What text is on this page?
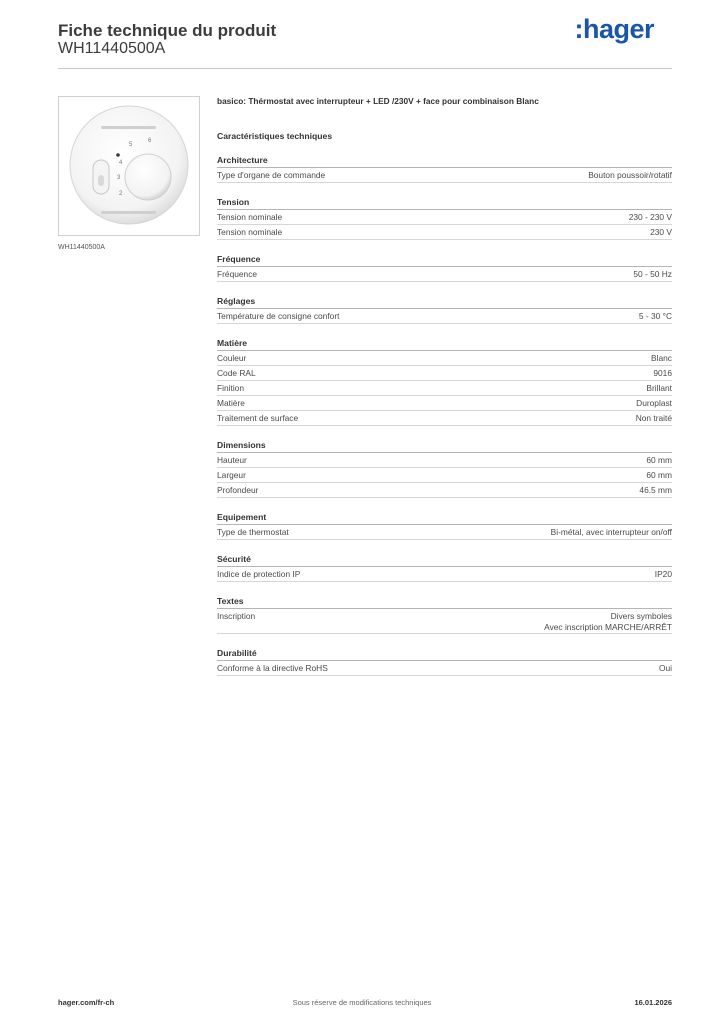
Fiche technique du produit
WH11440500A
:hager
6
5
4
3
2
WH11440500A
basico: Thérmostat avec interrupteur + LED /230V + face pour combinaison Blanc
Caractéristiques techniques
Architecture
Type d'organe de commande	Bouton poussoir/rotatif
Tension
Tension nominale	230 - 230 V
Tension nominale	230 V
Fréquence
Fréquence	50 - 50 Hz
Réglages
Température de consigne confort	5 - 30 °C
Matière
Couleur	Blanc
Code RAL	9016
Finition	Brillant
Matière	Duroplast
Traitement de surface	Non traité
Dimensions
Hauteur	60 mm
Largeur	60 mm
Profondeur	46.5 mm
Equipement
Type de thermostat	Bi-métal, avec interrupteur on/off
Sécurité
Indice de protection IP	IP20
Textes
Inscription	Divers symboles
Avec inscription MARCHE/ARRÊT
Durabilité
Conforme à la directive RoHS	Oui
hager.com/fr-ch	Sous réserve de modifications techniques	16.01.2026
